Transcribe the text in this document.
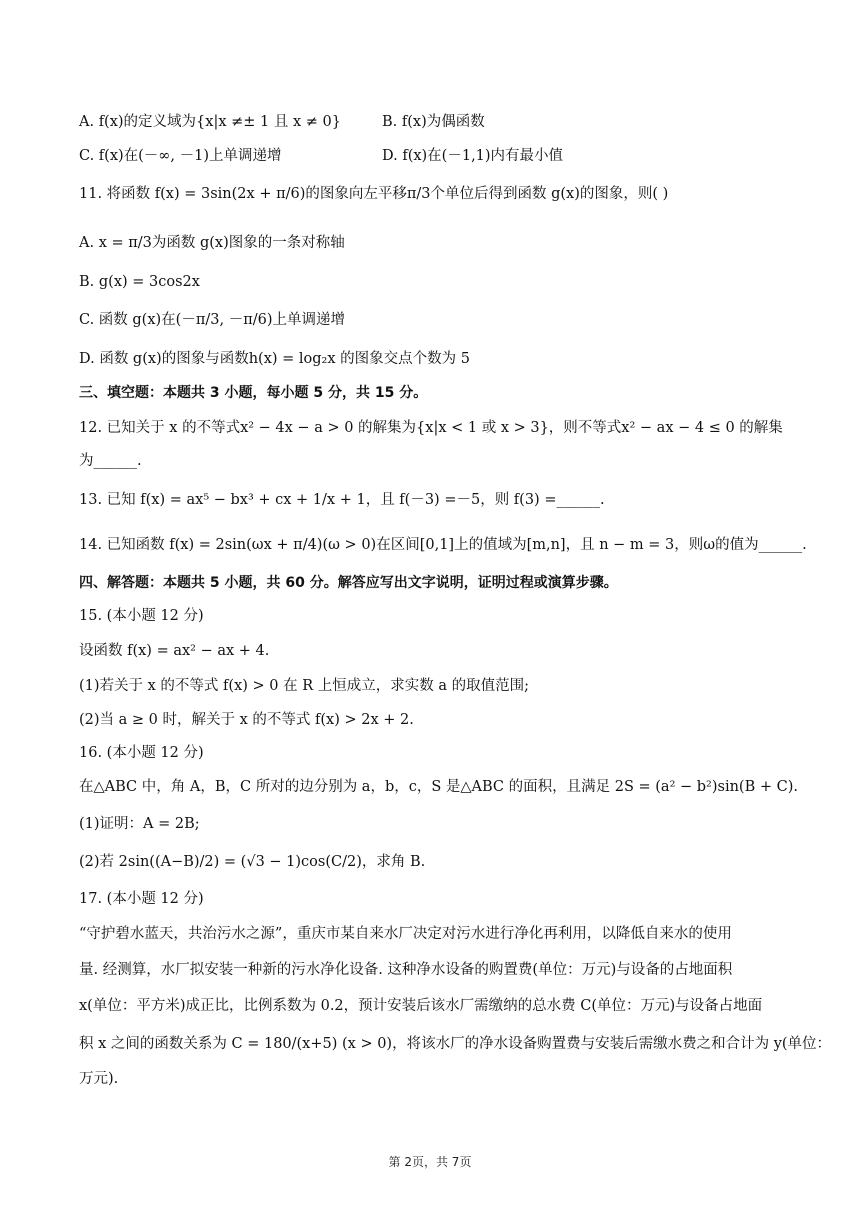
A. f(x)的定义域为{x|x ≠± 1 且 x ≠ 0}	B. f(x)为偶函数
C. f(x)在(－∞, －1)上单调递增	D. f(x)在(－1,1)内有最小值
11. 将函数 f(x) = 3sin(2x + π/6)的图象向左平移π/3个单位后得到函数 g(x)的图象，则( )
A. x = π/3为函数 g(x)图象的一条对称轴
B. g(x) = 3cos2x
C. 函数 g(x)在(－π/3, －π/6)上单调递增
D. 函数 g(x)的图象与函数h(x) = log₂x 的图象交点个数为 5
三、填空题：本题共 3 小题，每小题 5 分，共 15 分。
12. 已知关于 x 的不等式x² − 4x − a > 0 的解集为{x|x < 1 或 x > 3}，则不等式x² − ax − 4 ≤ 0 的解集
为______.
13. 已知 f(x) = ax⁵ − bx³ + cx + 1/x + 1，且 f(－3) =－5，则 f(3) =______.
14. 已知函数 f(x) = 2sin(ωx + π/4)(ω > 0)在区间[0,1]上的值域为[m,n]，且 n − m = 3，则ω的值为______.
四、解答题：本题共 5 小题，共 60 分。解答应写出文字说明，证明过程或演算步骤。
15. (本小题 12 分)
设函数 f(x) = ax² − ax + 4.
(1)若关于 x 的不等式 f(x) > 0 在 R 上恒成立，求实数 a 的取值范围;
(2)当 a ≥ 0 时，解关于 x 的不等式 f(x) > 2x + 2.
16. (本小题 12 分)
在△ABC 中，角 A，B，C 所对的边分别为 a，b，c，S 是△ABC 的面积，且满足 2S = (a² − b²)sin(B + C).
(1)证明：A = 2B;
(2)若 2sin((A−B)/2) = (√3 − 1)cos(C/2)，求角 B.
17. (本小题 12 分)
“守护碧水蓝天，共治污水之源”，重庆市某自来水厂决定对污水进行净化再利用，以降低自来水的使用
量. 经测算，水厂拟安装一种新的污水净化设备. 这种净水设备的购置费(单位：万元)与设备的占地面积
x(单位：平方米)成正比，比例系数为 0.2，预计安装后该水厂需缴纳的总水费 C(单位：万元)与设备占地面
积 x 之间的函数关系为 C = 180/(x+5) (x > 0)，将该水厂的净水设备购置费与安装后需缴水费之和合计为 y(单位：
万元).
第 2页，共 7页
